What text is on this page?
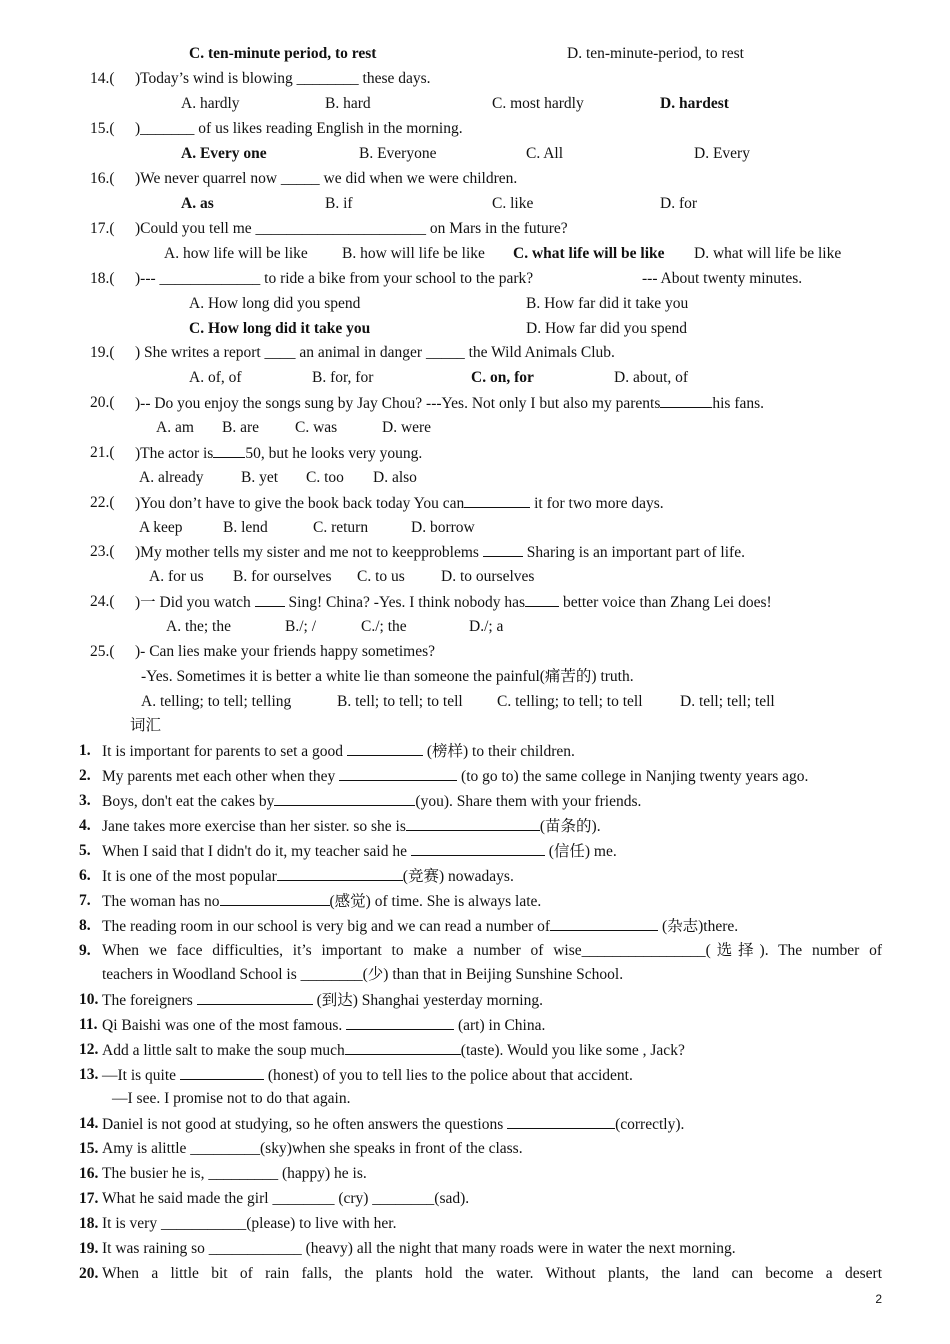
C. ten-minute period, to rest	D. ten-minute-period, to rest
14.( )Today’s wind is blowing ________ these days.
A. hardly	B. hard	C. most hardly	D. hardest
15.( )_______ of us likes reading English in the morning.
A. Every one	B. Everyone	C. All	D. Every
16.( )We never quarrel now _____ we did when we were children.
A. as	B. if	C. like	D. for
17.( )Could you tell me ______________________ on Mars in the future?
A. how life will be like B. how will life be like C. what life will be like D. what will life be like
18.( )--- _____________ to ride a bike from your school to the park?	--- About twenty minutes.
A. How long did you spend	B. How far did it take you
C. How long did it take you	D. How far did you spend
19.( ) She writes a report ____ an animal in danger _____ the Wild Animals Club.
A. of, of	B. for, for	C. on, for	D. about, of
20.( )-- Do you enjoy the songs sung by Jay Chou? ---Yes. Not only I but also my parents	his fans.
A. am B. are C. was	D. were
21.( )The actor is 50, but he looks very young.
A. already B. yet C. too D. also
22.( )You don’t have to give the book back today You can	it for two more days.
A keep	B. lend	C. return	D. borrow
23.( )My mother tells my sister and me not to keepproblems	Sharing is an important part of life.
A. for us B. for ourselves C. to us D. to ourselves
24.( )一 Did you watch  Sing! China? -Yes. I think nobody has better voice than Zhang Lei does!
A. the; the	B./; /	C./; the	D./; a
25.( )- Can lies make your friends happy sometimes?
-Yes. Sometimes it is better a white lie than someone the painful(痛苦的) truth.
A. telling; to tell; telling	B. tell; to tell; to tell C. telling; to tell; to tell D. tell; tell; tell
词汇
1. It is important for parents to set a good	(榜样) to their children.
2. My parents met each other when they	(to go to) the same college in Nanjing twenty years ago.
3. Boys, don't eat the cakes by	(you). Share them with your friends.
4. Jane takes more exercise than her sister. so she is	(苗条的).
5. When I said that I didn't do it, my teacher said he	(信任) me.
6. It is one of the most popular	(竞赛) nowadays.
7. The woman has no	(感觉) of time. She is always late.
8. The reading room in our school is very big and we can read a number of	(杂志)there.
9. When we face difficulties, it’s important to make a number of wise________________(选择). The number of
teachers in Woodland School is ________(少) than that in Beijing Sunshine School.
10. The foreigners	(到达) Shanghai yesterday morning.
11. Qi Baishi was one of the most famous.	(art) in China.
12. Add a little salt to make the soup much	(taste). Would you like some , Jack?
13. —It is quite	(honest) of you to tell lies to the police about that accident.
—I see. I promise not to do that again.
14. Daniel is not good at studying, so he often answers the questions	(correctly).
15. Amy is alittle _________(sky)when she speaks in front of the class.
16. The busier he is, _________ (happy) he is.
17. What he said made the girl ________ (cry) ________(sad).
18. It is very ___________(please) to live with her.
19. It was raining so ____________ (heavy) all the night that many roads were in water the next morning.
20. When a little bit of rain falls, the plants hold the water. Without plants, the land can become a desert
2
